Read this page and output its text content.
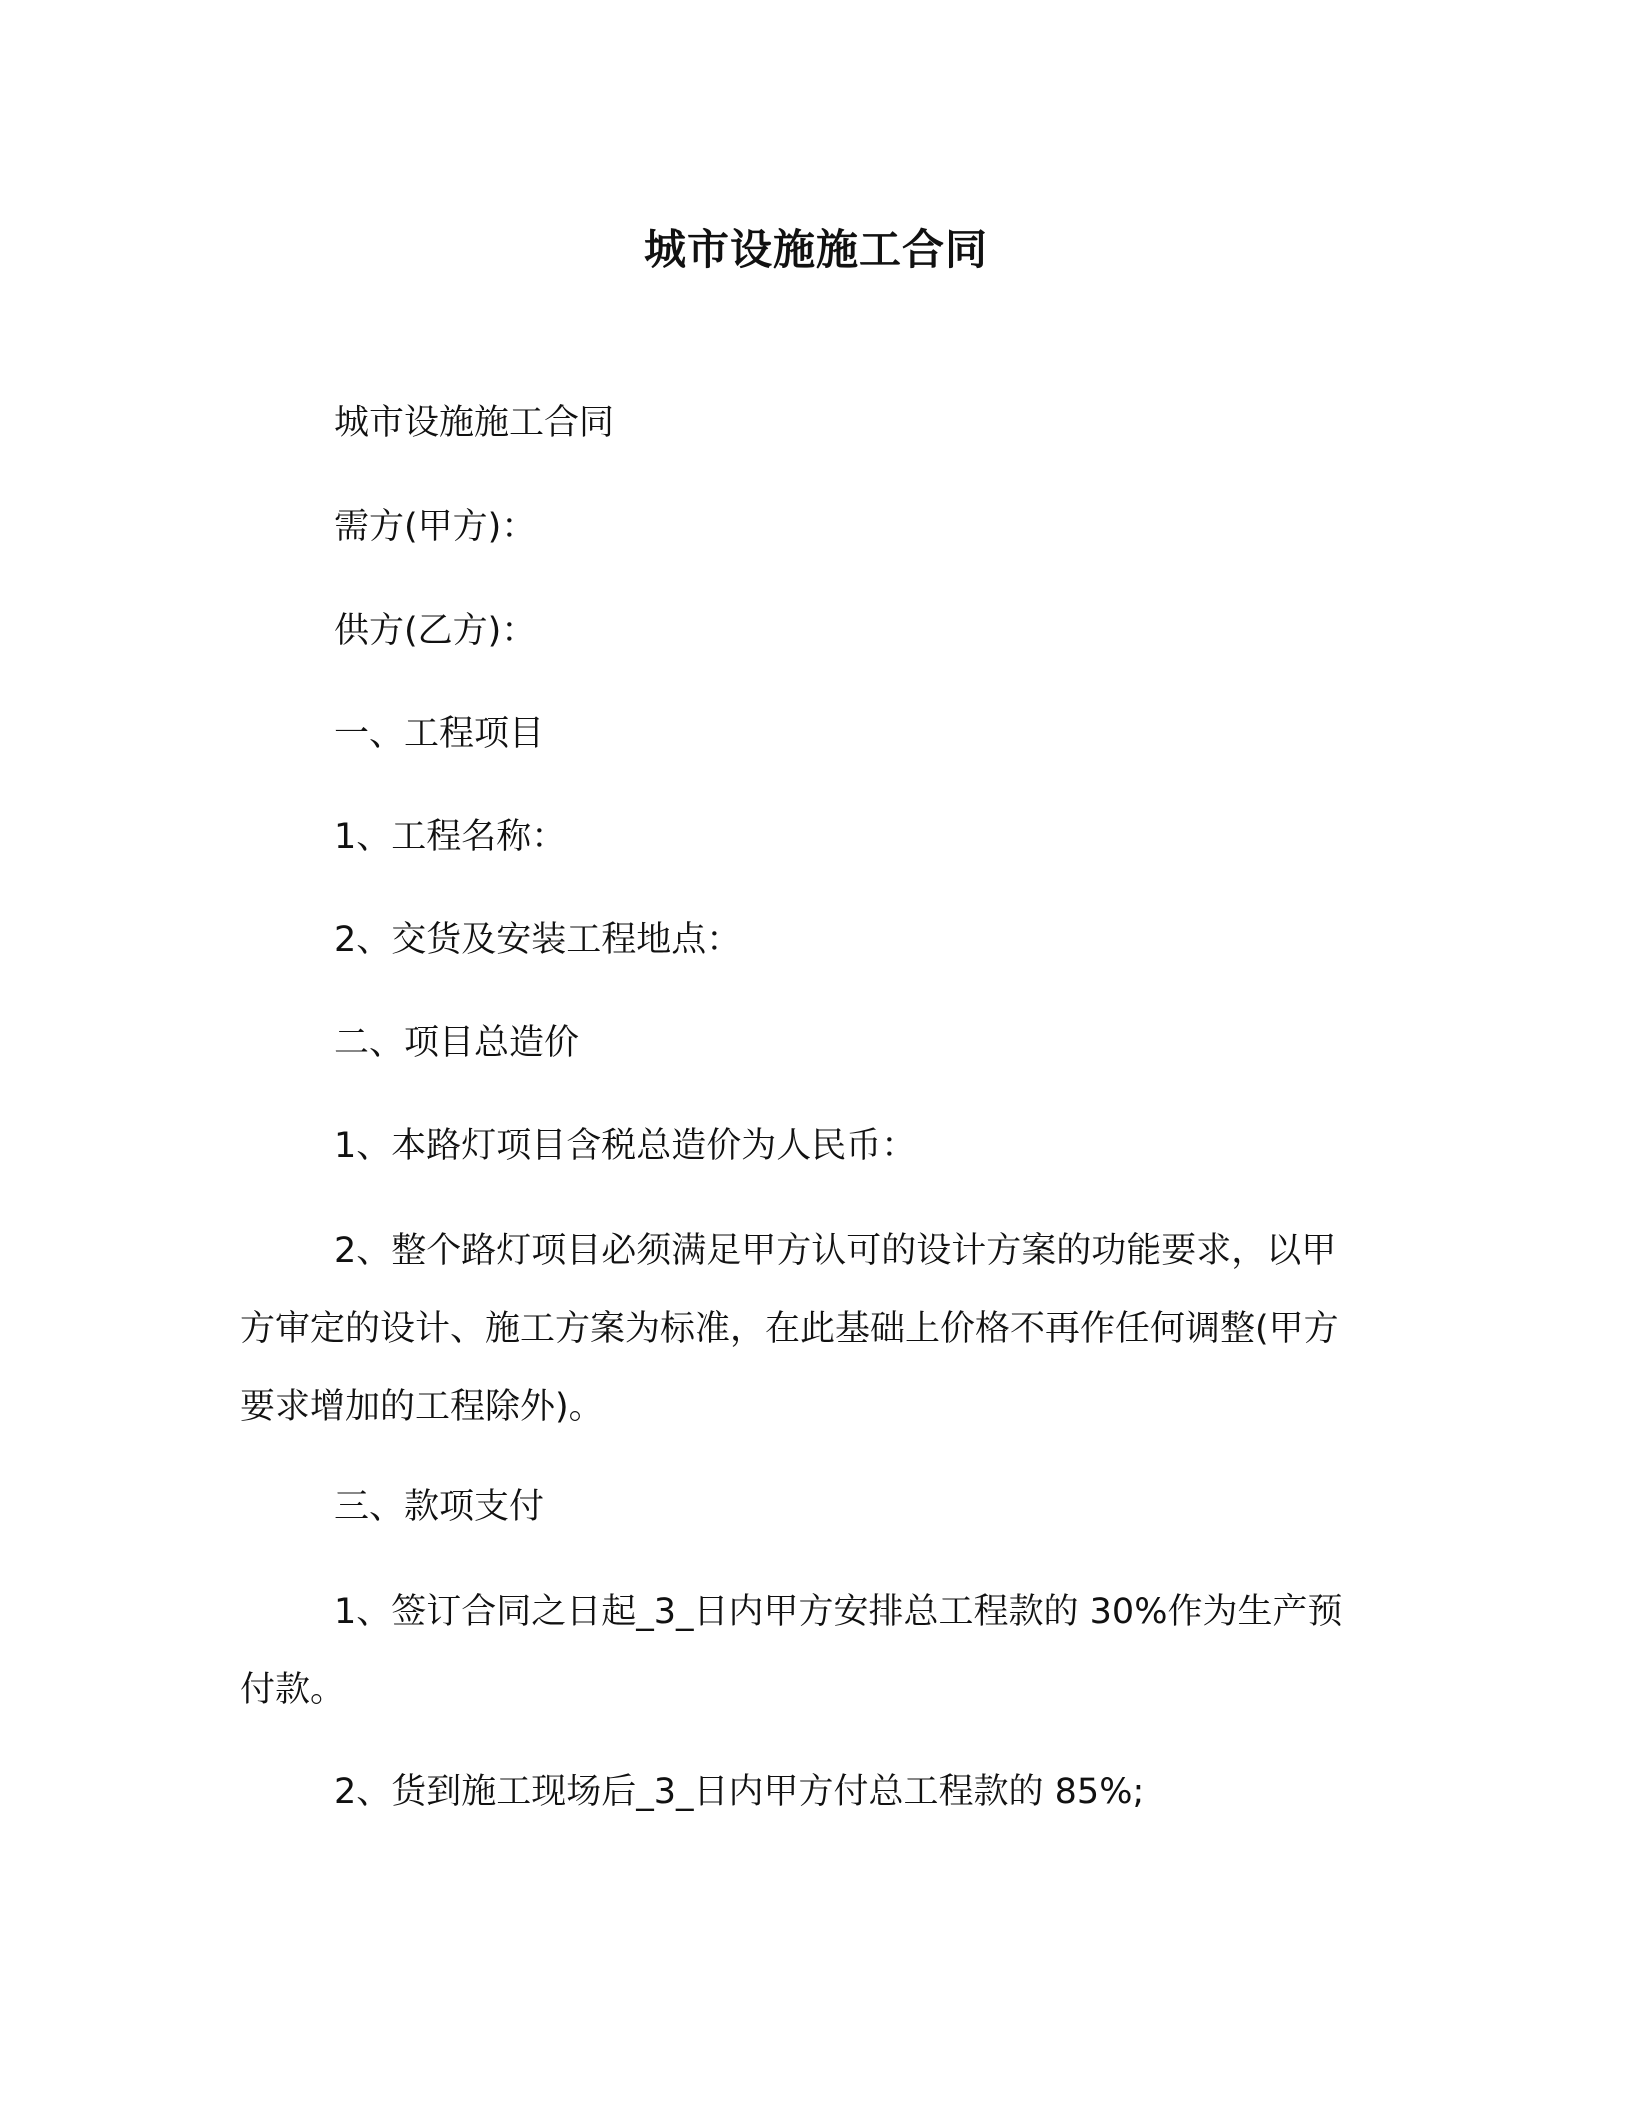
城市设施施工合同

城市设施施工合同

需方(甲方)：

供方(乙方)：

一、工程项目

1、工程名称：

2、交货及安装工程地点：

二、项目总造价

1、本路灯项目含税总造价为人民币：

2、整个路灯项目必须满足甲方认可的设计方案的功能要求，以甲方审定的设计、施工方案为标准，在此基础上价格不再作任何调整(甲方要求增加的工程除外)。

三、款项支付

1、签订合同之日起_3_日内甲方安排总工程款的 30%作为生产预付款。

2、货到施工现场后_3_日内甲方付总工程款的 85%;
